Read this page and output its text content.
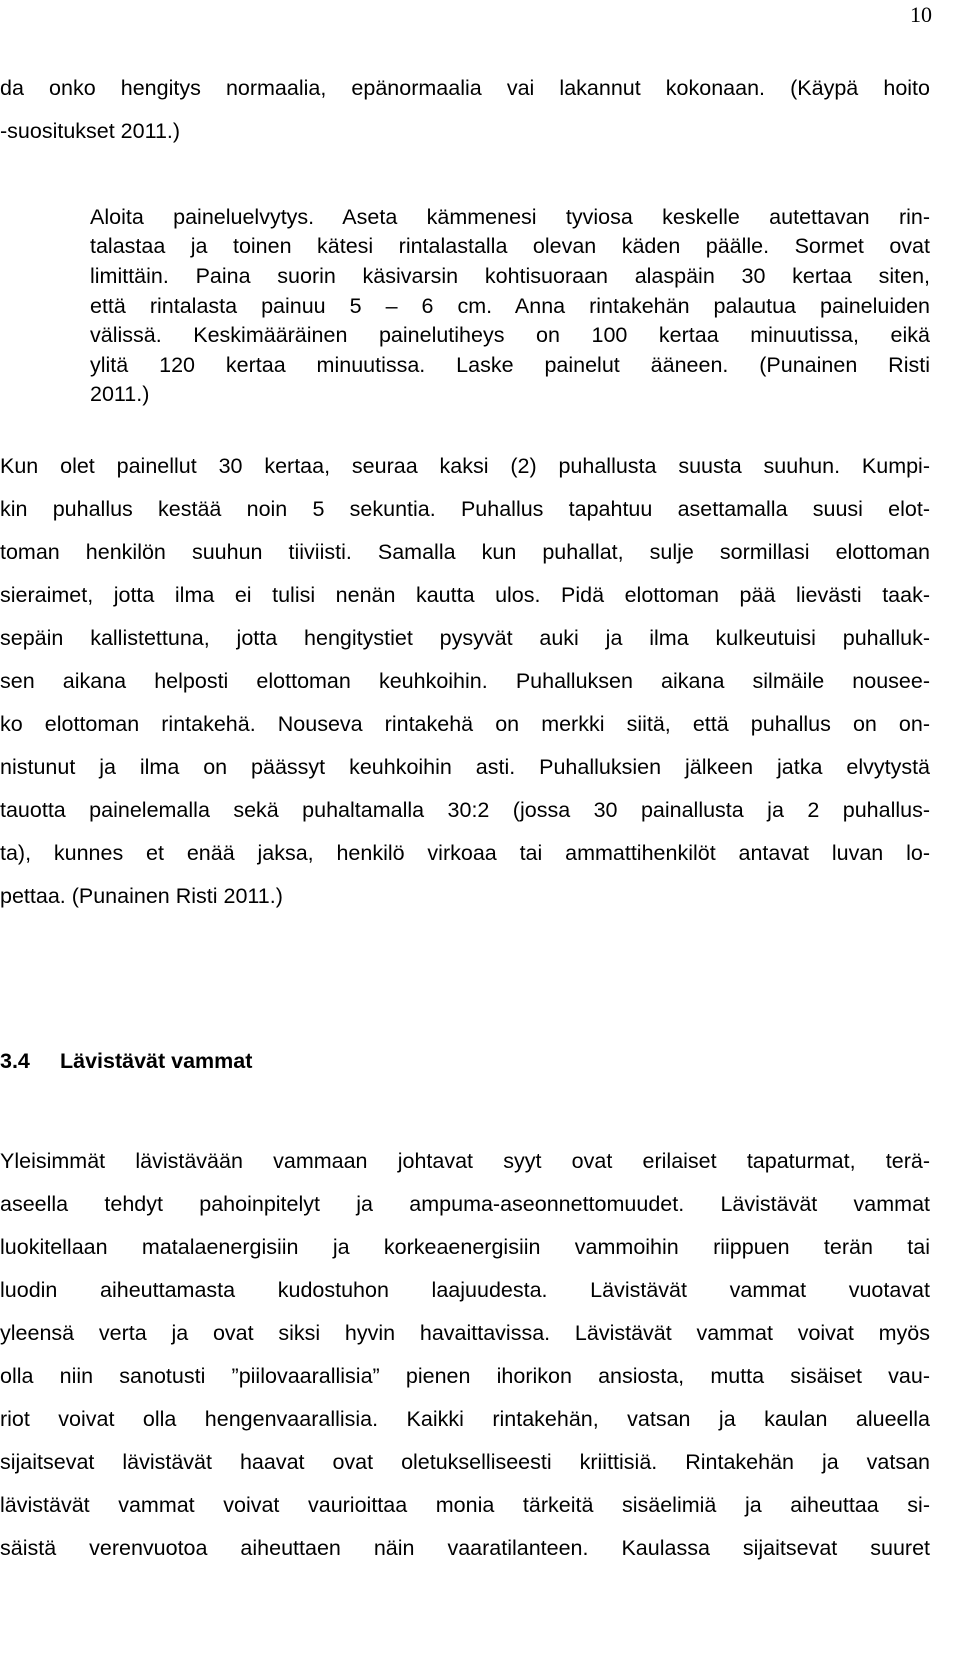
10
da onko hengitys normaalia, epänormaalia vai lakannut kokonaan. (Käypä hoito
-suositukset 2011.)
Aloita paineluelvytys. Aseta kämmenesi tyviosa keskelle autettavan rin-
talastaa ja toinen kätesi rintalastalla olevan käden päälle. Sormet ovat
limittäin. Paina suorin käsivarsin kohtisuoraan alaspäin 30 kertaa siten,
että rintalasta painuu 5 – 6 cm. Anna rintakehän palautua paineluiden
välissä. Keskimääräinen painelutiheys on 100 kertaa minuutissa, eikä
ylitä 120 kertaa minuutissa. Laske painelut ääneen. (Punainen Risti
2011.)
Kun olet painellut 30 kertaa, seuraa kaksi (2) puhallusta suusta suuhun. Kumpi-
kin puhallus kestää noin 5 sekuntia. Puhallus tapahtuu asettamalla suusi elot-
toman henkilön suuhun tiiviisti. Samalla kun puhallat, sulje sormillasi elottoman
sieraimet, jotta ilma ei tulisi nenän kautta ulos. Pidä elottoman pää lievästi taak-
sepäin kallistettuna, jotta hengitystiet pysyvät auki ja ilma kulkeutuisi puhalluk-
sen aikana helposti elottoman keuhkoihin. Puhalluksen aikana silmäile nousee-
ko elottoman rintakehä. Nouseva rintakehä on merkki siitä, että puhallus on on-
nistunut ja ilma on päässyt keuhkoihin asti. Puhalluksien jälkeen jatka elvytystä
tauotta painelemalla sekä puhaltamalla 30:2 (jossa 30 painallusta ja 2 puhallus-
ta), kunnes et enää jaksa, henkilö virkoaa tai ammattihenkilöt antavat luvan lo-
pettaa. (Punainen Risti 2011.)
3.4 Lävistävät vammat
Yleisimmät lävistävään vammaan johtavat syyt ovat erilaiset tapaturmat, terä-
aseella tehdyt pahoinpitelyt ja ampuma-aseonnettomuudet. Lävistävät vammat
luokitellaan matalaenergisiin ja korkeaenergisiin vammoihin riippuen terän tai
luodin aiheuttamasta kudostuhon laajuudesta. Lävistävät vammat vuotavat
yleensä verta ja ovat siksi hyvin havaittavissa. Lävistävät vammat voivat myös
olla niin sanotusti ”piilovaarallisia” pienen ihorikon ansiosta, mutta sisäiset vau-
riot voivat olla hengenvaarallisia. Kaikki rintakehän, vatsan ja kaulan alueella
sijaitsevat lävistävät haavat ovat oletukselliseesti kriittisiä. Rintakehän ja vatsan
lävistävät vammat voivat vaurioittaa monia tärkeitä sisäelimiä ja aiheuttaa si-
säistä verenvuotoa aiheuttaen näin vaaratilanteen. Kaulassa sijaitsevat suuret
